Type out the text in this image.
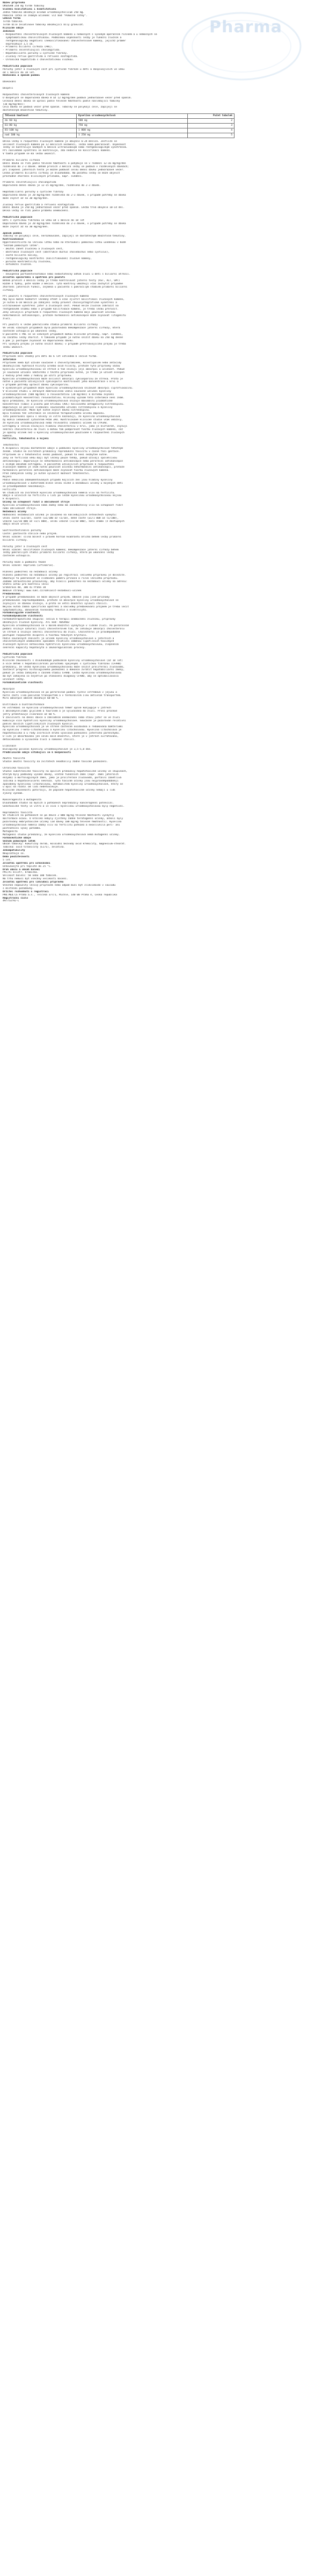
Pharma
Název přípravku
URSOSAN 250 mg tvrdé tobolky
Složení kvalitativní i kvantitativní
Jedna tobolka obsahuje acidum ursodeoxycholicum 250 mg.
Pomocná látka se známým účinkem: viz bod "Pomocné látky".
Léková forma
Tvrdá tobolka.
Tvrdé bílé želatinové tobolky obsahující bílý granulát.
Klinické údaje
Indikace
- Rozpouštění cholesterolových žlučových kamenů u nemocných s vysokým operačním rizikem a u nemocných se
symptomatickou cholelithiázou. Podmínkou úspěšnosti léčby je funkční žlučník a
rentgenologicky negativní (nekalcifikované) cholesterolové kameny, jejichž průměr
nepřesahuje 1,5 cm.
- Primární biliární cirhóza (PBC).
- Primární sklerotizující cholangitida.
- Hepatobiliární poruchy u cystické fibrózy.
- Žlučový reflux gastritida a refluxní ezofagitida.
- Chronická hepatitida s cholestatickou složkou.
Pediatrická populace
Poruchy jater a žlučových cest při cystické fibróze u dětí a dospívajících ve věku
od 1 měsíce do 18 let.
Dávkování a způsob podání
Dávkování
Dospělí
Rozpouštění cholesterolových žlučových kamenů
U dospělých se doporučená dávka 8 až 12 mg/kg/den podává jednorázově večer před spaním.
Celková denní dávka se upraví podle tělesné hmotnosti podle následující tabulky
(10 mg/kg/den):
Celá dávka se podává večer před spaním. Tobolky se polykají celé, zapíjejí se
dostatečným množstvím tekutiny.
Tělesná hmotnost	Kyselina ursodeoxycholová	Počet tobolek
do 60 kg	500 mg	2
61-80 kg	750 mg	3
81-100 kg	1 000 mg	4
nad 100 kg	1 250 mg	5
Délka léčby k rozpuštění žlučových kamenů je obvykle 6-24 měsíců. Jestliže se
velikost žlučových kamenů po 12 měsících nezmenší, léčba nemá pokračovat. Úspěšnost
léčby se kontroluje každých 6 měsíců ultrazvukovým nebo rentgenologickým vyšetřením.
Při následném vyšetření se kontroluje, zda nedošlo ke kalcifikaci kamenů.
V tomto případě se má léčba ukončit.
Primární biliární cirhóza
Denní dávka se řídí podle tělesné hmotnosti a pohybuje se v rozmezí 12-16 mg/kg/den
rozdělená do 2-3 dávek. Během prvních 3 měsíců léčby se podává v rozdělených dávkách;
při zlepšení jaterních testů je možné podávat celou denní dávku jednorázově večer.
Léčba primární biliární cirhózy je dlouhodobá. Na počátku léčby se může objevit
přechodné zhoršení klinických příznaků, např. svědění.
Primární sklerotizující cholangitida
Doporučená denní dávka je 12-15 mg/kg/den, rozdělená do 2-3 dávek.
Hepatobiliární poruchy u cystické fibrózy
Doporučená dávka je 20 mg/kg/den rozdělená do 2-3 dávek, v případě potřeby se dávka
může zvýšit až na 30 mg/kg/den.
Žlučový reflux gastritida a refluxní ezofagitida
Denní dávka je 250 mg jednorázově večer před spaním. Léčba trvá obvykle 10-14 dní.
Délka léčby se řídí podle průběhu onemocnění.
Pediatrická populace
Děti s cystickou fibrózou ve věku od 1 měsíce do 18 let
Doporučená dávka je 20 mg/kg/den rozdělená do 2-3 dávek, v případě potřeby se dávka
může zvýšit až na 30 mg/kg/den.
Způsob podání
Tobolky se polykají celé, nerozkousané, zapíjejí se dostatečným množstvím tekutiny.
Kontraindikace
Hypersenzitivita na léčivou látku nebo na kteroukoli pomocnou látku uvedenou v bodě
"Seznam pomocných látek".
- akutní zánět žlučníku a žlučových cest,
- obstrukce žlučových cest (obstrukce ductus choledochus nebo cysticus),
- časté biliární koliky,
- rentgenologicky kontrastní (kalcifikované) žlučové kameny,
- porucha kontraktility žlučníku,
- nefunkční žlučník.
Pediatrická populace
- neúspěšná portoenterostomie nebo nedostatečný odtok žluči u dětí s biliární atrézií.
Zvláštní upozornění a opatření pro použití
Během prvních 3 měsíců léčby je třeba kontrolovat jaterní testy (AST, ALT, GMT)
každé 4 týdny, poté každé 3 měsíce. Tyto kontroly umožňují včas zachytit případné
zhoršení jaterních funkcí, zejména u pacientů s pokročilým stádiem primární biliární
cirhózy.
Při použití k rozpuštění cholesterolových žlučových kamenů
Aby bylo možné hodnotit léčebný efekt a včas zjistit kalcifikaci žlučových kamenů,
je nutno 6-10 měsíců po zahájení léčby provést cholecystografické vyšetření a
ultrazvukové vyšetření jater a žlučových cest. Pokud nelze žlučník zobrazit na
rentgenovém snímku nebo v případě kalcifikace kamenů, je třeba léčbu přerušit.
Ženy užívající přípravek k rozpuštění žlučových kamenů mají používat účinnou
nehormonální antikoncepci, protože hormonální antikoncepce může zvyšovat litogenitu
žluči.
Při použití k léčbě pokročilého stadia primární biliární cirhózy
Ve velmi vzácných případech byla pozorována dekompenzace jaterní cirhózy, která
částečně ustoupila po ukončení léčby.
U pacientů s PBC se ve vzácných případech mohou klinické příznaky, např. svědění,
na začátku léčby zhoršit. V takovém případě je nutno snížit dávku na 250 mg denně
a pak ji postupně zvyšovat na doporučenou dávku.
Při výskytu průjmu je nutno snížit dávku; v případě přetrvávajícího průjmu je třeba
léčbu ukončit.
Pediatrická populace
Přípravek není vhodný pro děti do 6 let vzhledem k léčivé formě.
Interakce
Přípravek nemá být užíván současně s cholestyraminem, kolestipolem nebo antacidy
obsahujícími hydroxid hlinitý a/nebo oxid hlinitý, protože tyto přípravky vážou
kyselinu ursodeoxycholovou ve střevě a tím snižují její absorpci a účinnost. Pokud
je současné užívání některého z těchto přípravků nutné, je třeba je užívat alespoň
2 hodiny před nebo 2 hodiny po užití přípravku.
Kyselina ursodeoxycholová může ovlivnit absorpci cyklosporinu ze střeva. Proto je
nutné u pacientů užívajících cyklosporin kontrolovat jeho koncentrace v krvi a
v případě potřeby upravit dávku cyklosporinu.
V ojedinělých případech může kyselina ursodeoxycholová snižovat absorpci ciprofloxacinu.
V klinické studii u zdravých dobrovolníků vedlo současné užívání kyseliny
ursodeoxycholové (500 mg/den) a rosuvastatinu (20 mg/den) k mírnému zvýšení
plazmatických koncentrací rosuvastatinu. Klinický význam této interakce není znám.
Bylo prokázáno, že kyselina ursodeoxycholová snižuje maximální plazmatické
koncentrace (Cmax) a plochu pod křivkou (AUC) kalciového antagonisty nitrendipinu.
Doporučuje se pečlivé sledování současného užívání nitrendipinu a kyseliny
ursodeoxycholové. Může být nutné zvýšit dávku nitrendipinu.
Byla hlášena též interakce se snížením terapeutického účinku dapsonu.
Tato pozorování spolu s nálezy in vitro naznačují, že kyselina ursodeoxycholová
by mohla indukovat cytochrom P450 3A4. Kontrolované klinické studie však ukázaly,
že kyselina ursodeoxycholová nemá relevantní indukční účinek na CYP3A4.
Estrogeny a léčiva snižující hladinu cholesterolu v krvi, jako je klofibrát, zvyšují
sekreci cholesterolu do žluči a mohou tak podporovat tvorbu žlučových kamenů, což
je opačný účinek než u kyseliny ursodeoxycholové používané k rozpouštění žlučových
kamenů.
Fertilita, těhotenství a kojení
Těhotenství
K dispozici nejsou dostatečné údaje o podávání kyseliny ursodeoxycholové těhotným
ženám. Studie na zvířatech prokázaly reprodukční toxicitu v časné fázi gestace.
Přípravek se v těhotenství nesmí podávat, pokud to není nezbytně nutné.
Ženy ve fertilním věku mají být léčeny pouze tehdy, pokud užívají spolehlivou
antikoncepci: doporučuje se nehormonální antikoncepce nebo perorální antikoncepce
s nízkým obsahem estrogenu. U pacientek užívajících přípravek k rozpouštění
žlučových kamenů je však nutno používat účinnou nehormonální antikoncepci, protože
hormonální perorální antikoncepce může zvyšovat tvorbu žlučových kamenů.
Před zahájením léčby je nutné vyloučit možnost těhotenství.
Kojení
Podle několika zdokumentovaných případů kojících žen jsou hladiny kyseliny
ursodeoxycholové v mateřském mléce velmi nízké a nežádoucí účinky u kojených dětí
se pravděpodobně neočekávají.
Fertilita
Ve studiích na zvířatech kyselina ursodeoxycholová neměla vliv na fertilitu.
Údaje o účincích na fertilitu u lidí po léčbě kyselinou ursodeoxycholovou nejsou
k dispozici.
Účinky na schopnost řídit a obsluhovat stroje
Kyselina ursodeoxycholová nemá žádný nebo má zanedbatelný vliv na schopnost řídit
nebo obsluhovat stroje.
Nežádoucí účinky
Hodnocení nežádoucích účinků je založeno na následujících četnostech výskytu:
velmi časté (≥1/10), časté (≥1/100 až <1/10), méně časté (≥1/1 000 až <1/100),
vzácné (≥1/10 000 až <1/1 000), velmi vzácné (<1/10 000), není známo (z dostupných
údajů nelze určit).
Gastrointestinální poruchy
Časté: pastovitá stolice nebo průjem.
Velmi vzácné: silná bolest v pravém horním kvadrantu břicha během léčby primární
biliární cirhózy.
Poruchy jater a žlučových cest
Velmi vzácné: kalcifikace žlučových kamenů; dekompenzace jaterní cirhózy během
léčby pokročilých stadií primární biliární cirhózy, která po ukončení léčby
částečně ustoupila.
Poruchy kůže a podkožní tkáně
Velmi vzácné: kopřivka (urtikarie).
Hlášení podezření na nežádoucí účinky
Hlášení podezření na nežádoucí účinky po registraci léčivého přípravku je důležité.
Umožňuje to pokračovat ve sledování poměru přínosů a rizik léčivého přípravku.
Žádáme zdravotnické pracovníky, aby hlásili podezření na nežádoucí účinky na adresu:
Státní ústav pro kontrolu léčiv
Šrobárova 48, 100 41 Praha 10
Webové stránky: www.sukl.cz/nahlasit-nezadouci-ucinek
Předávkování
V případě předávkování se může objevit průjem. Obecně jsou jiné příznaky
předávkování nepravděpodobné, protože se absorpce kyseliny ursodeoxycholové se
zvyšující se dávkou snižuje, a proto se větší množství vyloučí stolicí.
Nejsou nutná žádná specifická opatření a následky předávkování průjmem je třeba léčit
symptomaticky, obnovením rovnováhy tekutin a elektrolytů.
Farmakologické vlastnosti
Farmakodynamické vlastnosti
Farmakoterapeutická skupina: léčiva k terapii onemocnění žlučníku, přípravky
obsahující žlučové kyseliny. ATC kód: A05AA02
Kyselina ursodeoxycholová se v malém množství vyskytuje v lidské žluči. Po perorálním
podání snižuje saturaci žluči cholesterolem tím, že inhibuje absorpci cholesterolu
ve střevě a snižuje sekreci cholesterolu do žluči. Cholesterol je pravděpodobně
postupně rozpouštěn disperzí a tvorbou tekutých krystalů.
Podle současných znalostí je účinek kyseliny ursodeoxycholové u jaterních a
cholestatických onemocnění způsoben relativní záměnou lipofilních toxických
žlučových kyselin netoxickou hydrofilní kyselinou ursodeoxycholovou, zlepšením
sekreční kapacity hepatocytů a imunoregulačními procesy.
Pediatrická populace
Cystická fibróza
Klinické zkušenosti s dlouhodobým podáváním kyseliny ursodeoxycholové (až 10 let)
a více dětem s hepatobiliárními poruchami spojenými s cystickou fibrózou (CFAHD)
prokázaly, že léčba kyselinou ursodeoxycholovou může snížit proliferaci žlučovodů,
zastavit progresi histologického poškození a dokonce zvrátit hepatobiliární změny,
pokud je léčba zahájena v časném stadiu CFAHD. Léčba kyselinou ursodeoxycholovou
má být zahájena co nejdříve po stanovení diagnózy CFAHD, aby se optimalizovala
účinnost léčby.
Farmakokinetické vlastnosti
Absorpce
Kyselina ursodeoxycholová se po perorálním podání rychle vstřebává v jejunu a
horní části ilea pasivním transportem a v terminálním ileu aktivním transportem.
Míra absorpce obecně dosahuje 60-80 %.
Distribuce a biotransformace
Po vstřebání se kyselina ursodeoxycholová téměř úplně konjuguje v játrech
s aminokyselinami glycinem a taurinem a je vylučována do žluči. První průchod
játry představuje clearance až 60 %.
V závislosti na denní dávce a základním onemocnění nebo stavu jater se ve žluči
kumuluje více hydrofilní kyseliny ursodeoxycholové. Současně je pozorován relativní
pokles dalších lipofilnějších žlučových kyselin.
Kyselina ursodeoxycholová je ve střevě částečně oxidována a redukována bakteriemi
na kyselinu 7-keto-litocholovou a kyselinu litocholovou. Kyselina litocholová je
hepatotoxická a u řady zvířecích druhů vyvolává poškození jaterního parenchymu.
U lidí je absorbováno jen velmi malé množství, které je v játrech sulfatováno,
detoxikováno a vyloučeno žlučí a nakonec stolicí.
Eliminace
Biologický poločas kyseliny ursodeoxycholové je 3,5-5,8 dne.
Předklinické údaje vztahující se k bezpečnosti
Akutní toxicita
Studie akutní toxicity na zvířatech neodhalily žádné toxické poškození.
Chronická toxicita
Studie subchronické toxicity na opicích prokázaly hepatotoxické účinky ve skupinách,
kterým byly podávány vysoké dávky, včetně funkčních změn (např. změn jaterních
enzymů) a morfologických změn, jako je proliferace žlučovodů, portální zánětlivá
ložiska a hepatocelulární nekróza. Tyto toxické účinky jsou nejpravděpodobněji
způsobeny kyselinou litocholovou, metabolitem kyseliny ursodeoxycholové, který se
u opic na rozdíl od lidí nedetoxikuje.
Klinické zkušenosti potvrzují, že popsané hepatotoxické účinky nemají u lidí
zjevný význam.
Kancerogenita a mutagenita
Dlouhodobé studie na myších a potkanech neprokázaly kancerogenní potenciál.
Genotoxické testy in vitro a in vivo s kyselinou ursodeoxycholovou byly negativní.
Reprodukční toxicita
Ve studiích na potkanech se po dávce 2 000 mg/kg tělesné hmotnosti vyskytly
malformace ocasu. U králíků nebyly zjištěny žádné teratogenní účinky, ačkoli byly
pozorovány embryotoxické účinky (od dávky 100 mg/kg tělesné hmotnosti). Kyselina
ursodeoxycholová neměla žádný vliv na fertilitu potkanů a neovlivnila peri- ani
postnatální vývoj potomků.
Mutagenita
Mutagenní studie prokázaly, že kyselina ursodeoxycholová nemá mutagenní účinky.
Farmaceutické údaje
Seznam pomocných látek
Obsah tobolky: kukuřičný škrob, koloidní bezvodý oxid křemičitý, magnesium-stearát.
Tobolka: oxid titaničitý (E171), želatina.
Inkompatibility
Neuplatňuje se.
Doba použitelnosti
5 let.
Zvláštní opatření pro uchovávání
Uchovávejte při teplotě do 25 °C.
Druh obalu a obsah balení
PVC/Al blistr, krabička.
Velikost balení: 50 nebo 100 tobolek.
Na trhu nemusí být všechny velikosti balení.
Zvláštní opatření pro likvidaci přípravku
Všechen nepoužitý léčivý přípravek nebo odpad musí být zlikvidován v souladu
s místními požadavky.
Držitel rozhodnutí o registraci
PRO.MED.CS Praha a.s., Telčská 377/1, Michle, 140 00 Praha 4, Česká republika
Registrační číslo
49/753/92-C
